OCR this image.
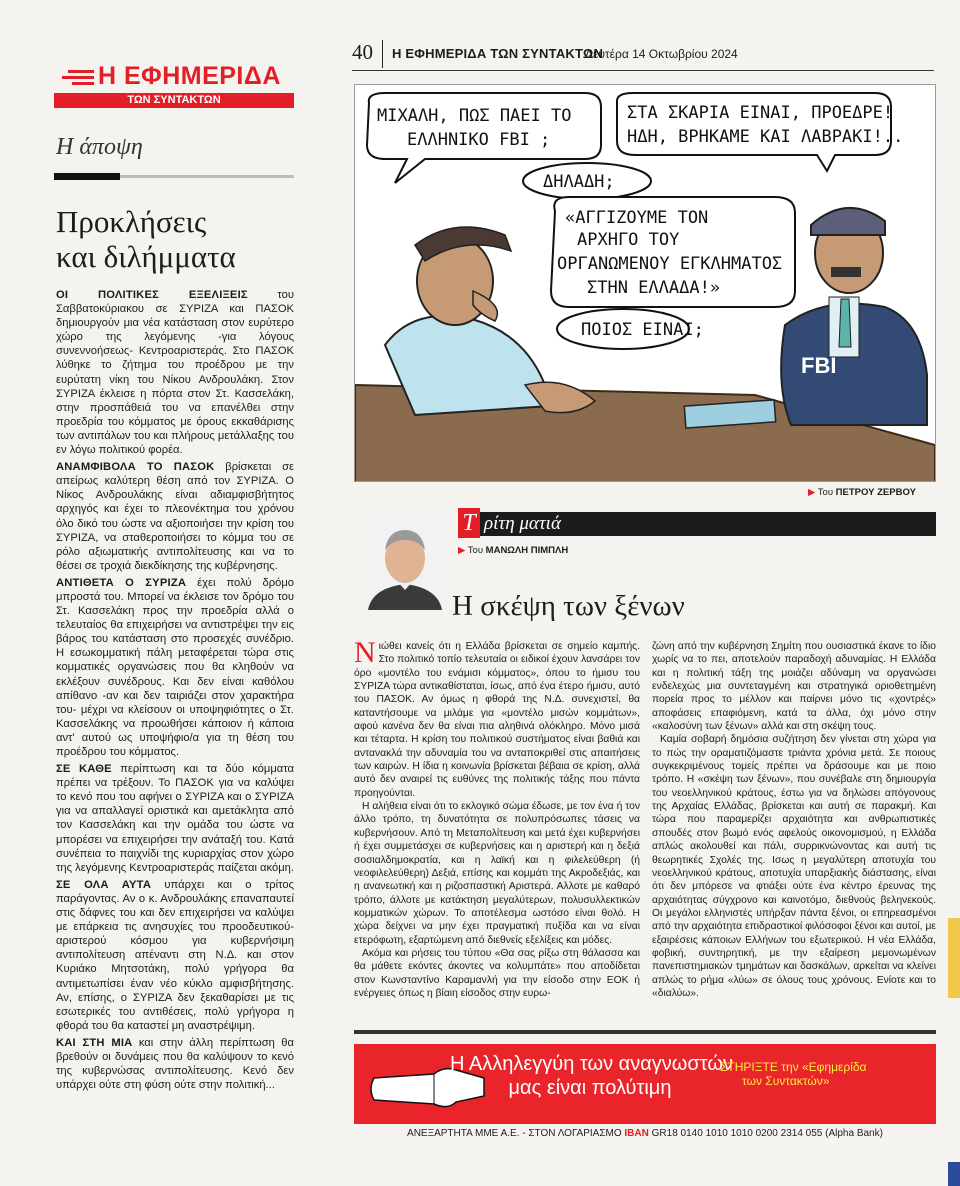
40 Η ΕΦΗΜΕΡΙΔΑ ΤΩΝ ΣΥΝΤΑΚΤΩΝ
Δευτέρα 14 Οκτωβρίου 2024
Η ΕΦΗΜΕΡΙΔΑ
ΤΩΝ ΣΥΝΤΑΚΤΩΝ
Η άποψη
Προκλήσεις
και διλήμματα

ΟΙ ΠΟΛΙΤΙΚΕΣ ΕΞΕΛΙΞΕΙΣ του Σαββατοκύριακου σε ΣΥΡΙΖΑ και ΠΑΣΟΚ δημιουργούν μια νέα κατάσταση στον ευρύτερο χώρο της λεγόμενης -για λόγους συνεννοήσεως- Κεντροαριστεράς. Στο ΠΑΣΟΚ λύθηκε το ζήτημα του προέδρου με την ευρύτατη νίκη του Νίκου Ανδρουλάκη. Στον ΣΥΡΙΖΑ έκλεισε η πόρτα στον Στ. Κασσελάκη, στην προσπάθειά του να επανέλθει στην προεδρία του κόμματος με όρους εκκαθάρισης των αντιπάλων του και πλήρους μετάλλαξης του εν λόγω πολιτικού φορέα.

ΑΝΑΜΦΙΒΟΛΑ ΤΟ ΠΑΣΟΚ βρίσκεται σε απείρως καλύτερη θέση από τον ΣΥΡΙΖΑ. Ο Νίκος Ανδρουλάκης είναι αδιαμφισβήτητος αρχηγός και έχει το πλεονέκτημα του χρόνου όλο δικό του ώστε να αξιοποιήσει την κρίση του ΣΥΡΙΖΑ, να σταθεροποιήσει το κόμμα του σε ρόλο αξιωματικής αντιπολίτευσης και να το θέσει σε τροχιά διεκδίκησης της κυβέρνησης.

ΑΝΤΙΘΕΤΑ Ο ΣΥΡΙΖΑ έχει πολύ δρόμο μπροστά του. Μπορεί να έκλεισε τον δρόμο του Στ. Κασσελάκη προς την προεδρία αλλά ο τελευταίος θα επιχειρήσει να αντιστρέψει την εις βάρος του κατάσταση στο προσεχές συνέδριο. Η εσωκομματική πάλη μεταφέρεται τώρα στις κομματικές οργανώσεις που θα κληθούν να εκλέξουν συνέδρους. Και δεν είναι καθόλου απίθανο -αν και δεν ταιριάζει στον χαρακτήρα του- μέχρι να κλείσουν οι υποψηφιότητες ο Στ. Κασσελάκης να προωθήσει κάποιον ή κάποια αντ' αυτού ως υποψήφιο/α για τη θέση του προέδρου του κόμματος.

ΣΕ ΚΑΘΕ περίπτωση και τα δύο κόμματα πρέπει να τρέξουν. Το ΠΑΣΟΚ για να καλύψει το κενό που του αφήνει ο ΣΥΡΙΖΑ και ο ΣΥΡΙΖΑ για να απαλλαγεί οριστικά και αμετάκλητα από τον Κασσελάκη και την ομάδα του ώστε να μπορέσει να επιχειρήσει την ανάταξή του. Κατά συνέπεια το παιχνίδι της κυριαρχίας στον χώρο της λεγόμενης Κεντροαριστεράς παίζεται ακόμη.

ΣΕ ΟΛΑ ΑΥΤΑ υπάρχει και ο τρίτος παράγοντας. Αν ο κ. Ανδρουλάκης επαναπαυτεί στις δάφνες του και δεν επιχειρήσει να καλύψει με επάρκεια τις ανησυχίες του προοδευτικού-αριστερού κόσμου για κυβερνήσιμη αντιπολίτευση απέναντι στη Ν.Δ. και στον Κυριάκο Μητσοτάκη, πολύ γρήγορα θα αντιμετωπίσει έναν νέο κύκλο αμφισβήτησης. Αν, επίσης, ο ΣΥΡΙΖΑ δεν ξεκαθαρίσει με τις εσωτερικές του αντιθέσεις, πολύ γρήγορα η φθορά του θα καταστεί μη αναστρέψιμη.

ΚΑΙ ΣΤΗ ΜΙΑ και στην άλλη περίπτωση θα βρεθούν οι δυνάμεις που θα καλύψουν το κενό της κυβερνώσας αντιπολίτευσης. Κενό δεν υπάρχει ούτε στη φύση ούτε στην πολιτική...

ΜΙΧΑΛΗ, ΠΩΣ ΠΑΕΙ ΤΟ
ΕΛΛΗΝΙΚΟ FBI ;
ΣΤΑ ΣΚΑΡΙΑ ΕΙΝΑΙ, ΠΡΟΕΔΡΕ!
ΗΔΗ, ΒΡΗΚΑΜΕ ΚΑΙ ΛΑΒΡΑΚΙ!..
ΔΗΛΑΔΗ;
«ΑΓΓΙΖΟΥΜΕ ΤΟΝ
ΑΡΧΗΓΟ ΤΟΥ
ΟΡΓΑΝΩΜΕΝΟΥ ΕΓΚΛΗΜΑΤΟΣ
ΣΤΗΝ ΕΛΛΑΔΑ!»
ΠΟΙΟΣ ΕΙΝΑΙ;
FBI
▶ Του ΠΕΤΡΟΥ ΖΕΡΒΟΥ
Τ ρίτη ματιά
▶ Του ΜΑΝΩΛΗ ΠΙΜΠΛΗ
Η σκέψη των ξένων

Νιώθει κανείς ότι η Ελλάδα βρίσκεται σε σημείο καμπής. Στο πολιτικό τοπίο τελευταία οι ειδικοί έχουν λανσάρει τον όρο «μοντέλο του ενάμισι κόμματος», όπου το ήμισυ του ΣΥΡΙΖΑ τώρα αντικαθίσταται, ίσως, από ένα έτερο ήμισυ, αυτό του ΠΑΣΟΚ. Αν όμως η φθορά της Ν.Δ. συνεχιστεί, θα καταντήσουμε να μιλάμε για «μοντέλο μισών κομμάτων», αφού κανένα δεν θα είναι πια αληθινά ολόκληρο. Μόνο μισά και τέταρτα. Η κρίση του πολιτικού συστήματος είναι βαθιά και αντανακλά την αδυναμία του να ανταποκριθεί στις απαιτήσεις των καιρών. Η ίδια η κοινωνία βρίσκεται βέβαια σε κρίση, αλλά αυτό δεν αναιρεί τις ευθύνες της πολιτικής τάξης που πάντα προηγούνται.

Η αλήθεια είναι ότι το εκλογικό σώμα έδωσε, με τον ένα ή τον άλλο τρόπο, τη δυνατότητα σε πολυπρόσωπες τάσεις να κυβερνήσουν. Από τη Μεταπολίτευση και μετά έχει κυβερνήσει ή έχει συμμετάσχει σε κυβερνήσεις και η αριστερή και η δεξιά σοσιαλδημοκρατία, και η λαϊκή και η φιλελεύθερη (ή νεοφιλελεύθερη) Δεξιά, επίσης και κομμάτι της Ακροδεξιάς, και η ανανεωτική και η ριζοσπαστική Αριστερά. Αλλοτε με καθαρό τρόπο, άλλοτε με κατάκτηση μεγαλύτερων, πολυσυλλεκτικών κομματικών χώρων. Το αποτέλεσμα ωστόσο είναι θολό. Η χώρα δείχνει να μην έχει πραγματική πυξίδα και να είναι ετερόφωτη, εξαρτώμενη από διεθνείς εξελίξεις και μόδες.

Ακόμα και ρήσεις του τύπου «Θα σας ρίξω στη θάλασσα και θα μάθετε εκόντες άκοντες να κολυμπάτε» που αποδίδεται στον Κωνσταντίνο Καραμανλή για την είσοδο στην ΕΟΚ ή ενέργειες όπως η βίαιη είσοδος στην ευρω-

ζώνη από την κυβέρνηση Σημίτη που ουσιαστικά έκανε το ίδιο χωρίς να το πει, αποτελούν παραδοχή αδυναμίας. Η Ελλάδα και η πολιτική τάξη της μοιάζει αδύναμη να οργανώσει ενδελεχώς μια συντεταγμένη και στρατηγικά οριοθετημένη πορεία προς το μέλλον και παίρνει μόνο τις «χοντρές» αποφάσεις επαφιόμενη, κατά τα άλλα, όχι μόνο στην «καλοσύνη των ξένων» αλλά και στη σκέψη τους.

Καμία σοβαρή δημόσια συζήτηση δεν γίνεται στη χώρα για το πώς την οραματιζόμαστε τριάντα χρόνια μετά. Σε ποιους συγκεκριμένους τομείς πρέπει να δράσουμε και με ποιο τρόπο. Η «σκέψη των ξένων», που συνέβαλε στη δημιουργία του νεοελληνικού κράτους, έστω για να δηλώσει απόγονους της Αρχαίας Ελλάδας, βρίσκεται και αυτή σε παρακμή. Και τώρα που παραμερίζει αρχαιότητα και ανθρωπιστικές σπουδές στον βωμό ενός αφελούς οικονομισμού, η Ελλάδα απλώς ακολουθεί και πάλι, συρρικνώνοντας και αυτή τις θεωρητικές Σχολές της. Ισως η μεγαλύτερη αποτυχία του νεοελληνικού κράτους, αποτυχία υπαρξιακής διάστασης, είναι ότι δεν μπόρεσε να φτιάξει ούτε ένα κέντρο έρευνας της αρχαιότητας σύγχρονο και καινοτόμο, διεθνούς βεληνεκούς. Οι μεγάλοι ελληνιστές υπήρξαν πάντα ξένοι, οι επηρεασμένοι από την αρχαιότητα επιδραστικοί φιλόσοφοι ξένοι και αυτοί, με εξαιρέσεις κάποιων Ελλήνων του εξωτερικού. Η νέα Ελλάδα, φοβική, συντηρητική, με την εξαίρεση μεμονωμένων πανεπιστημιακών τμημάτων και δασκάλων, αρκείται να κλείνει απλώς το ρήμα «λύω» σε όλους τους χρόνους. Ενίοτε και το «διαλύω».

Η Αλληλεγγύη των αναγνωστών
μας είναι πολύτιμη
ΣΤΗΡΙΞΤΕ την «Εφημερίδα
των Συντακτών»
ΑΝΕΞΑΡΤΗΤΑ ΜΜΕ Α.Ε. - ΣΤΟΝ ΛΟΓΑΡΙΑΣΜΟ IBAN GR18 0140 1010 1010 0200 2314 055 (Alpha Bank)
